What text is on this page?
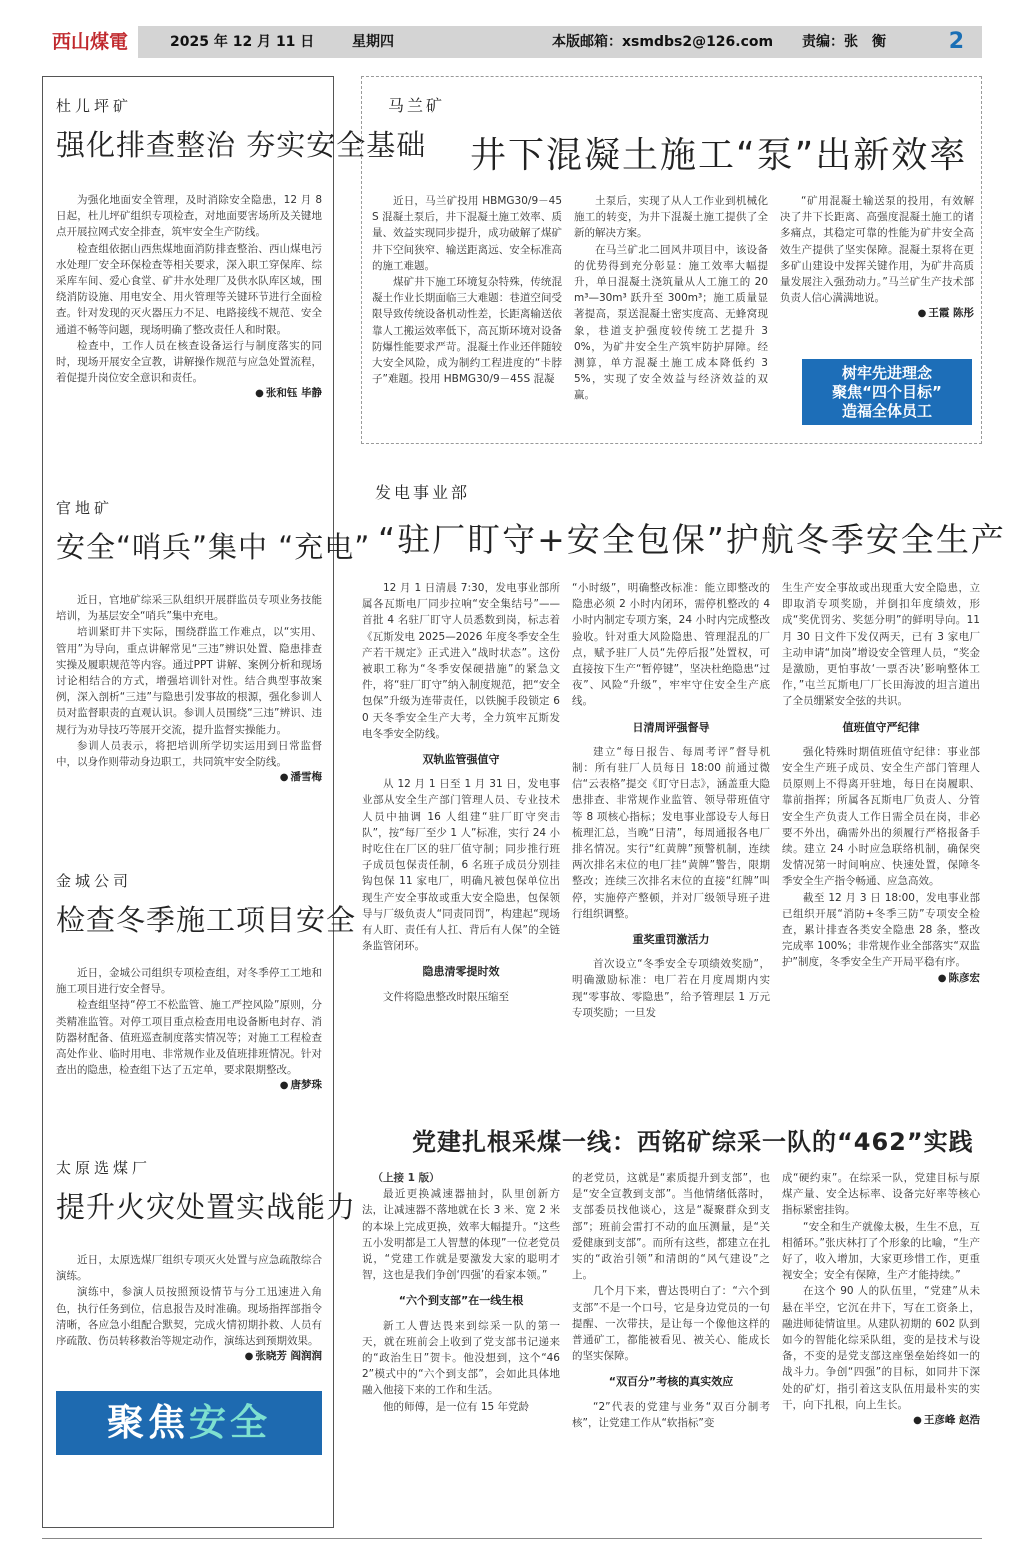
西山煤電	2025 年 12 月 11 日	星期四	本版邮箱：xsmdbs2@126.com 责编：张　衡	2
杜儿坪矿
强化排查整治 夯实安全基础

为强化地面安全管理，及时消除安全隐患，12 月 8 日起，杜儿坪矿组织专项检查，对地面要害场所及关键地点开展拉网式安全排查，筑牢安全生产防线。

检查组依据山西焦煤地面消防排查整治、西山煤电污水处理厂安全环保检查等相关要求，深入职工穿保库、综采库车间、爱心食堂、矿井水处理厂及供水队库区域，围绕消防设施、用电安全、用火管理等关键环节进行全面检查。针对发现的灭火器压力不足、电路接线不规范、安全通道不畅等问题，现场明确了整改责任人和时限。

检查中，工作人员在核查设备运行与制度落实的同时，现场开展安全宣教，讲解操作规范与应急处置流程，着促提升岗位安全意识和责任。

● 张和钰 毕静
官地矿
安全“哨兵”集中 “充电”

近日，官地矿综采三队组织开展群监员专项业务技能培训，为基层安全“哨兵”集中充电。

培训紧盯井下实际，围绕群监工作难点，以“实用、管用”为导向，重点讲解常见“三违”辨识处置、隐患排查实操及履职规范等内容。通过PPT 讲解、案例分析和现场讨论相结合的方式，增强培训针对性。结合典型事故案例，深入剖析“三违”与隐患引发事故的根源，强化参训人员对监督职责的直观认识。参训人员围绕“三违”辨识、违规行为劝导技巧等展开交流，提升监督实操能力。

参训人员表示，将把培训所学切实运用到日常监督中，以身作则带动身边职工，共同筑牢安全防线。

● 潘雪梅
金城公司
检查冬季施工项目安全

近日，金城公司组织专项检查组，对冬季停工工地和施工项目进行安全督导。

检查组坚持“停工不松监管、施工严控风险”原则，分类精准监管。对停工项目重点检查用电设备断电封存、消防器材配备、值班巡查制度落实情况等；对施工工程检查高处作业、临时用电、非常规作业及值班排班情况。针对查出的隐患，检查组下达了五定单，要求限期整改。

● 唐梦珠
太原选煤厂
提升火灾处置实战能力

近日，太原选煤厂组织专项灭火处置与应急疏散综合演练。

演练中，参演人员按照预设情节与分工迅速进入角色，执行任务到位，信息报告及时准确。现场指挥部指令清晰，各应急小组配合默契，完成火情初期扑救、人员有序疏散、伤员转移救治等规定动作，演练达到预期效果。

● 张晓芳 阎润润
聚焦安全
马兰矿
井下混凝土施工“泵”出新效率

近日，马兰矿投用 HBMG30/9－45S 混凝土泵后，井下混凝土施工效率、质量、效益实现同步提升，成功破解了煤矿井下空间狭窄、输送距离远、安全标准高的施工难题。

煤矿井下施工环境复杂特殊，传统混凝土作业长期面临三大难题：巷道空间受限导致传统设备机动性差，长距离输送依靠人工搬运效率低下，高瓦斯环境对设备防爆性能要求严苛。混凝土作业还伴随较大安全风险，成为制约工程进度的“卡脖子”难题。投用 HBMG30/9－45S 混凝

土泵后，实现了从人工作业到机械化施工的转变，为井下混凝土施工提供了全新的解决方案。

在马兰矿北二回风井项目中，该设备的优势得到充分彰显：施工效率大幅提升，单日混凝土浇筑量从人工施工的 20m³—30m³ 跃升至 300m³；施工质量显著提高，泵送混凝土密实度高、无蜂窝现象，巷道支护强度较传统工艺提升 30%，为矿井安全生产筑牢防护屏障。经测算，单方混凝土施工成本降低约 35%，实现了安全效益与经济效益的双赢。

“矿用混凝土输送泵的投用，有效解决了井下长距离、高强度混凝土施工的诸多痛点，其稳定可靠的性能为矿井安全高效生产提供了坚实保障。混凝土泵将在更多矿山建设中发挥关键作用，为矿井高质量发展注入强劲动力。”马兰矿生产技术部负责人信心满满地说。

● 王霞 陈彤
树牢先进理念
聚焦“四个目标”
造福全体员工
发电事业部
“驻厂盯守+安全包保”护航冬季安全生产

12 月 1 日清晨 7:30，发电事业部所属各瓦斯电厂同步拉响“安全集结号”——首批 4 名驻厂盯守人员悉数到岗，标志着《瓦斯发电 2025—2026 年度冬季安全生产若干规定》正式进入“战时状态”。这份被职工称为“冬季安保硬措施”的紧急文件，将“驻厂盯守”纳入制度规范，把“安全包保”升级为连带责任，以铁腕手段锁定 60 天冬季安全生产大考，全力筑牢瓦斯发电冬季安全防线。

双轨监管强值守

从 12 月 1 日至 1 月 31 日，发电事业部从安全生产部门管理人员、专业技术人员中抽调 16 人组建“驻厂盯守突击队”，按“每厂至少 1 人”标准，实行 24 小时吃住在厂区的驻厂值守制；同步推行班子成员包保责任制，6 名班子成员分别挂钩包保 11 家电厂，明确凡被包保单位出现生产安全事故或重大安全隐患，包保领导与厂级负责人“同责同罚”，构建起“现场有人盯、责任有人扛、背后有人保”的全链条监管闭环。

隐患清零提时效

文件将隐患整改时限压缩至

“小时级”，明确整改标准：能立即整改的隐患必须 2 小时内闭环，需停机整改的 4 小时内制定专项方案，24 小时内完成整改验收。针对重大风险隐患、管理混乱的厂点，赋予驻厂人员“先停后报”处置权，可直接按下生产“暂停键”，坚决杜绝隐患“过夜”、风险“升级”，牢牢守住安全生产底线。

日清周评强督导

建立“每日报告、每周考评”督导机制：所有驻厂人员每日 18:00 前通过微信“云表格”提交《盯守日志》，涵盖重大隐患排查、非常规作业监管、领导带班值守等 8 项核心指标；发电事业部设专人每日梳理汇总，当晚“日清”，每周通报各电厂排名情况。实行“红黄牌”预警机制，连续两次排名末位的电厂挂“黄牌”警告，限期整改；连续三次排名末位的直接“红牌”叫停，实施停产整顿，并对厂级领导班子进行组织调整。

重奖重罚激活力

首次设立“冬季安全专项绩效奖励”，明确激励标准：电厂若在月度周期内实现“零事故、零隐患”，给予管理层 1 万元专项奖励；一旦发

生生产安全事故或出现重大安全隐患，立即取消专项奖励，并倒扣年度绩效，形成“奖优罚劣、奖惩分明”的鲜明导向。11 月 30 日文件下发仅两天，已有 3 家电厂主动申请“加岗”增设安全管理人员，“奖金是激励，更怕事故‘一票否决’影响整体工作，”屯兰瓦斯电厂厂长田海波的坦言道出了全员绷紧安全弦的共识。

值班值守严纪律

强化特殊时期值班值守纪律：事业部安全生产班子成员、安全生产部门管理人员原则上不得离开驻地，每日在岗履职、靠前指挥；所属各瓦斯电厂负责人、分管安全生产负责人工作日需全员在岗，非必要不外出，确需外出的须履行严格报备手续。建立 24 小时应急联络机制，确保突发情况第一时间响应、快速处置，保障冬季安全生产指令畅通、应急高效。

截至 12 月 3 日 18:00，发电事业部已组织开展“消防+冬季三防”专项安全检查，累计排查各类安全隐患 28 条，整改完成率 100%；非常规作业全部落实“双监护”制度，冬季安全生产开局平稳有序。

● 陈彦宏
党建扎根采煤一线：西铭矿综采一队的“462”实践

（上接 1 版）

最近更换减速器抽封，队里创新方法，让减速器不落地就在长 3 米、宽 2 米的本垛上完成更换，效率大幅提升。“这些五小发明都是工人智慧的体现”一位老党员说，“党建工作就是要激发大家的聪明才智，这也是我们争创‘四强’的看家本领。”

“六个到支部”在一线生根

新工人曹达畏来到综采一队的第一天，就在班前会上收到了党支部书记递来的“政治生日”贺卡。他没想到，这个“462”模式中的“六个到支部”，会如此具体地融入他接下来的工作和生活。

他的师傅，是一位有 15 年党龄

的老党员，这就是“素质提升到支部”，也是“安全宣教到支部”。当他情绪低落时，支部委员找他谈心，这是“凝聚群众到支部”；班前会雷打不动的血压测量，是“关爱健康到支部”。而所有这些，都建立在扎实的“政治引领”和清朗的“风气建设”之上。

几个月下来，曹达畏明白了：“六个到支部”不是一个口号，它是身边党员的一句提醒、一次带扶，是让每一个像他这样的普通矿工，都能被看见、被关心、能成长的坚实保障。

“双百分”考核的真实效应

“2”代表的党建与业务“双百分制考核”，让党建工作从“软指标”变

成“硬约束”。在综采一队，党建目标与原煤产量、安全达标率、设备完好率等核心指标紧密挂钩。

“安全和生产就像太极，生生不息，互相循环。”张庆林打了个形象的比喻，“生产好了，收入增加，大家更珍惜工作，更重视安全；安全有保障，生产才能持续。”

在这个 90 人的队伍里，“党建”从未悬在半空，它沉在井下，写在工资条上，融进师徒情谊里。从建队初期的 602 队到如今的智能化综采队组，变的是技术与设备，不变的是党支部这座堡垒始终如一的战斗力。争创“四强”的目标，如同井下深处的矿灯，指引着这支队伍用最朴实的实干，向下扎根，向上生长。

● 王彦峰 赵浩
